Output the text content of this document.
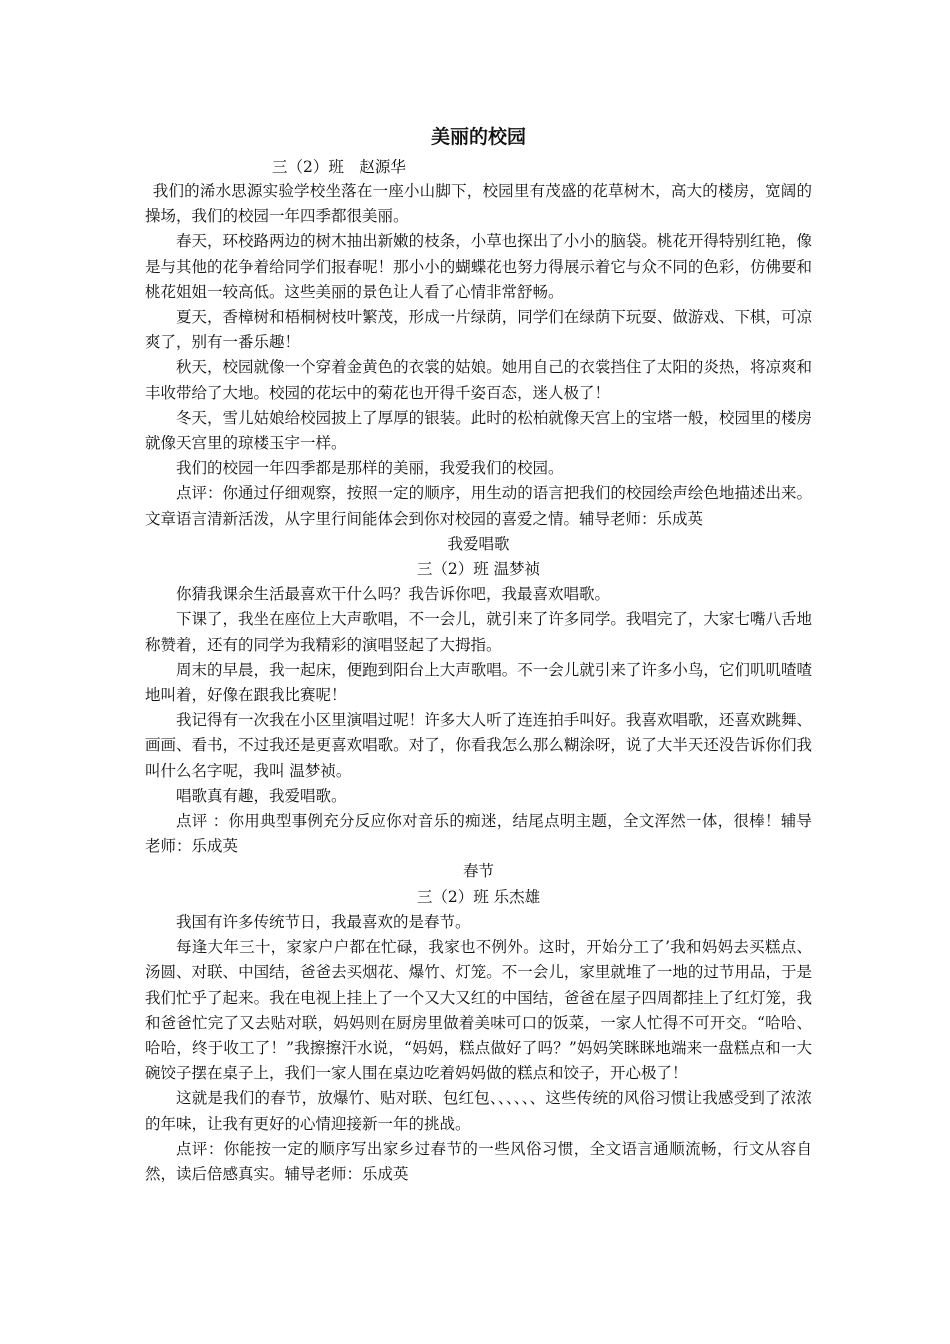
美丽的校园

三（2）班　赵源华

我们的浠水思源实验学校坐落在一座小山脚下，校园里有茂盛的花草树木，高大的楼房，宽阔的操场，我们的校园一年四季都很美丽。

春天，环校路两边的树木抽出新嫩的枝条，小草也探出了小小的脑袋。桃花开得特别红艳，像是与其他的花争着给同学们报春呢！那小小的蝴蝶花也努力得展示着它与众不同的色彩，仿佛要和桃花姐姐一较高低。这些美丽的景色让人看了心情非常舒畅。

夏天，香樟树和梧桐树枝叶繁茂，形成一片绿荫，同学们在绿荫下玩耍、做游戏、下棋，可凉爽了，别有一番乐趣！

秋天，校园就像一个穿着金黄色的衣裳的姑娘。她用自己的衣裳挡住了太阳的炎热，将凉爽和丰收带给了大地。校园的花坛中的菊花也开得千姿百态，迷人极了！

冬天，雪儿姑娘给校园披上了厚厚的银装。此时的松柏就像天宫上的宝塔一般，校园里的楼房就像天宫里的琼楼玉宇一样。

我们的校园一年四季都是那样的美丽，我爱我们的校园。

点评：你通过仔细观察，按照一定的顺序，用生动的语言把我们的校园绘声绘色地描述出来。文章语言清新活泼，从字里行间能体会到你对校园的喜爱之情。辅导老师：乐成英

我爱唱歌

三（2）班 温梦祯

你猜我课余生活最喜欢干什么吗？我告诉你吧，我最喜欢唱歌。

下课了，我坐在座位上大声歌唱，不一会儿，就引来了许多同学。我唱完了，大家七嘴八舌地称赞着，还有的同学为我精彩的演唱竖起了大拇指。

周末的早晨，我一起床，便跑到阳台上大声歌唱。不一会儿就引来了许多小鸟，它们叽叽喳喳地叫着，好像在跟我比赛呢！

我记得有一次我在小区里演唱过呢！许多大人听了连连拍手叫好。我喜欢唱歌，还喜欢跳舞、画画、看书，不过我还是更喜欢唱歌。对了，你看我怎么那么糊涂呀，说了大半天还没告诉你们我叫什么名字呢，我叫 温梦祯。

唱歌真有趣，我爱唱歌。

点评 ：你用典型事例充分反应你对音乐的痴迷，结尾点明主题，全文浑然一体，很棒！辅导老师：乐成英

春节

三（2）班 乐杰雄

我国有许多传统节日，我最喜欢的是春节。

每逢大年三十，家家户户都在忙碌，我家也不例外。这时，开始分工了’我和妈妈去买糕点、汤圆、对联、中国结，爸爸去买烟花、爆竹、灯笼。不一会儿，家里就堆了一地的过节用品，于是我们忙乎了起来。我在电视上挂上了一个又大又红的中国结，爸爸在屋子四周都挂上了红灯笼，我和爸爸忙完了又去贴对联，妈妈则在厨房里做着美味可口的饭菜，一家人忙得不可开交。“哈哈、哈哈，终于收工了！”我擦擦汗水说，“妈妈，糕点做好了吗？”妈妈笑眯眯地端来一盘糕点和一大碗饺子摆在桌子上，我们一家人围在桌边吃着妈妈做的糕点和饺子，开心极了！

这就是我们的春节，放爆竹、贴对联、包红包、、、、、、这些传统的风俗习惯让我感受到了浓浓的年味，让我有更好的心情迎接新一年的挑战。

点评：你能按一定的顺序写出家乡过春节的一些风俗习惯，全文语言通顺流畅，行文从容自然，读后倍感真实。辅导老师：乐成英
